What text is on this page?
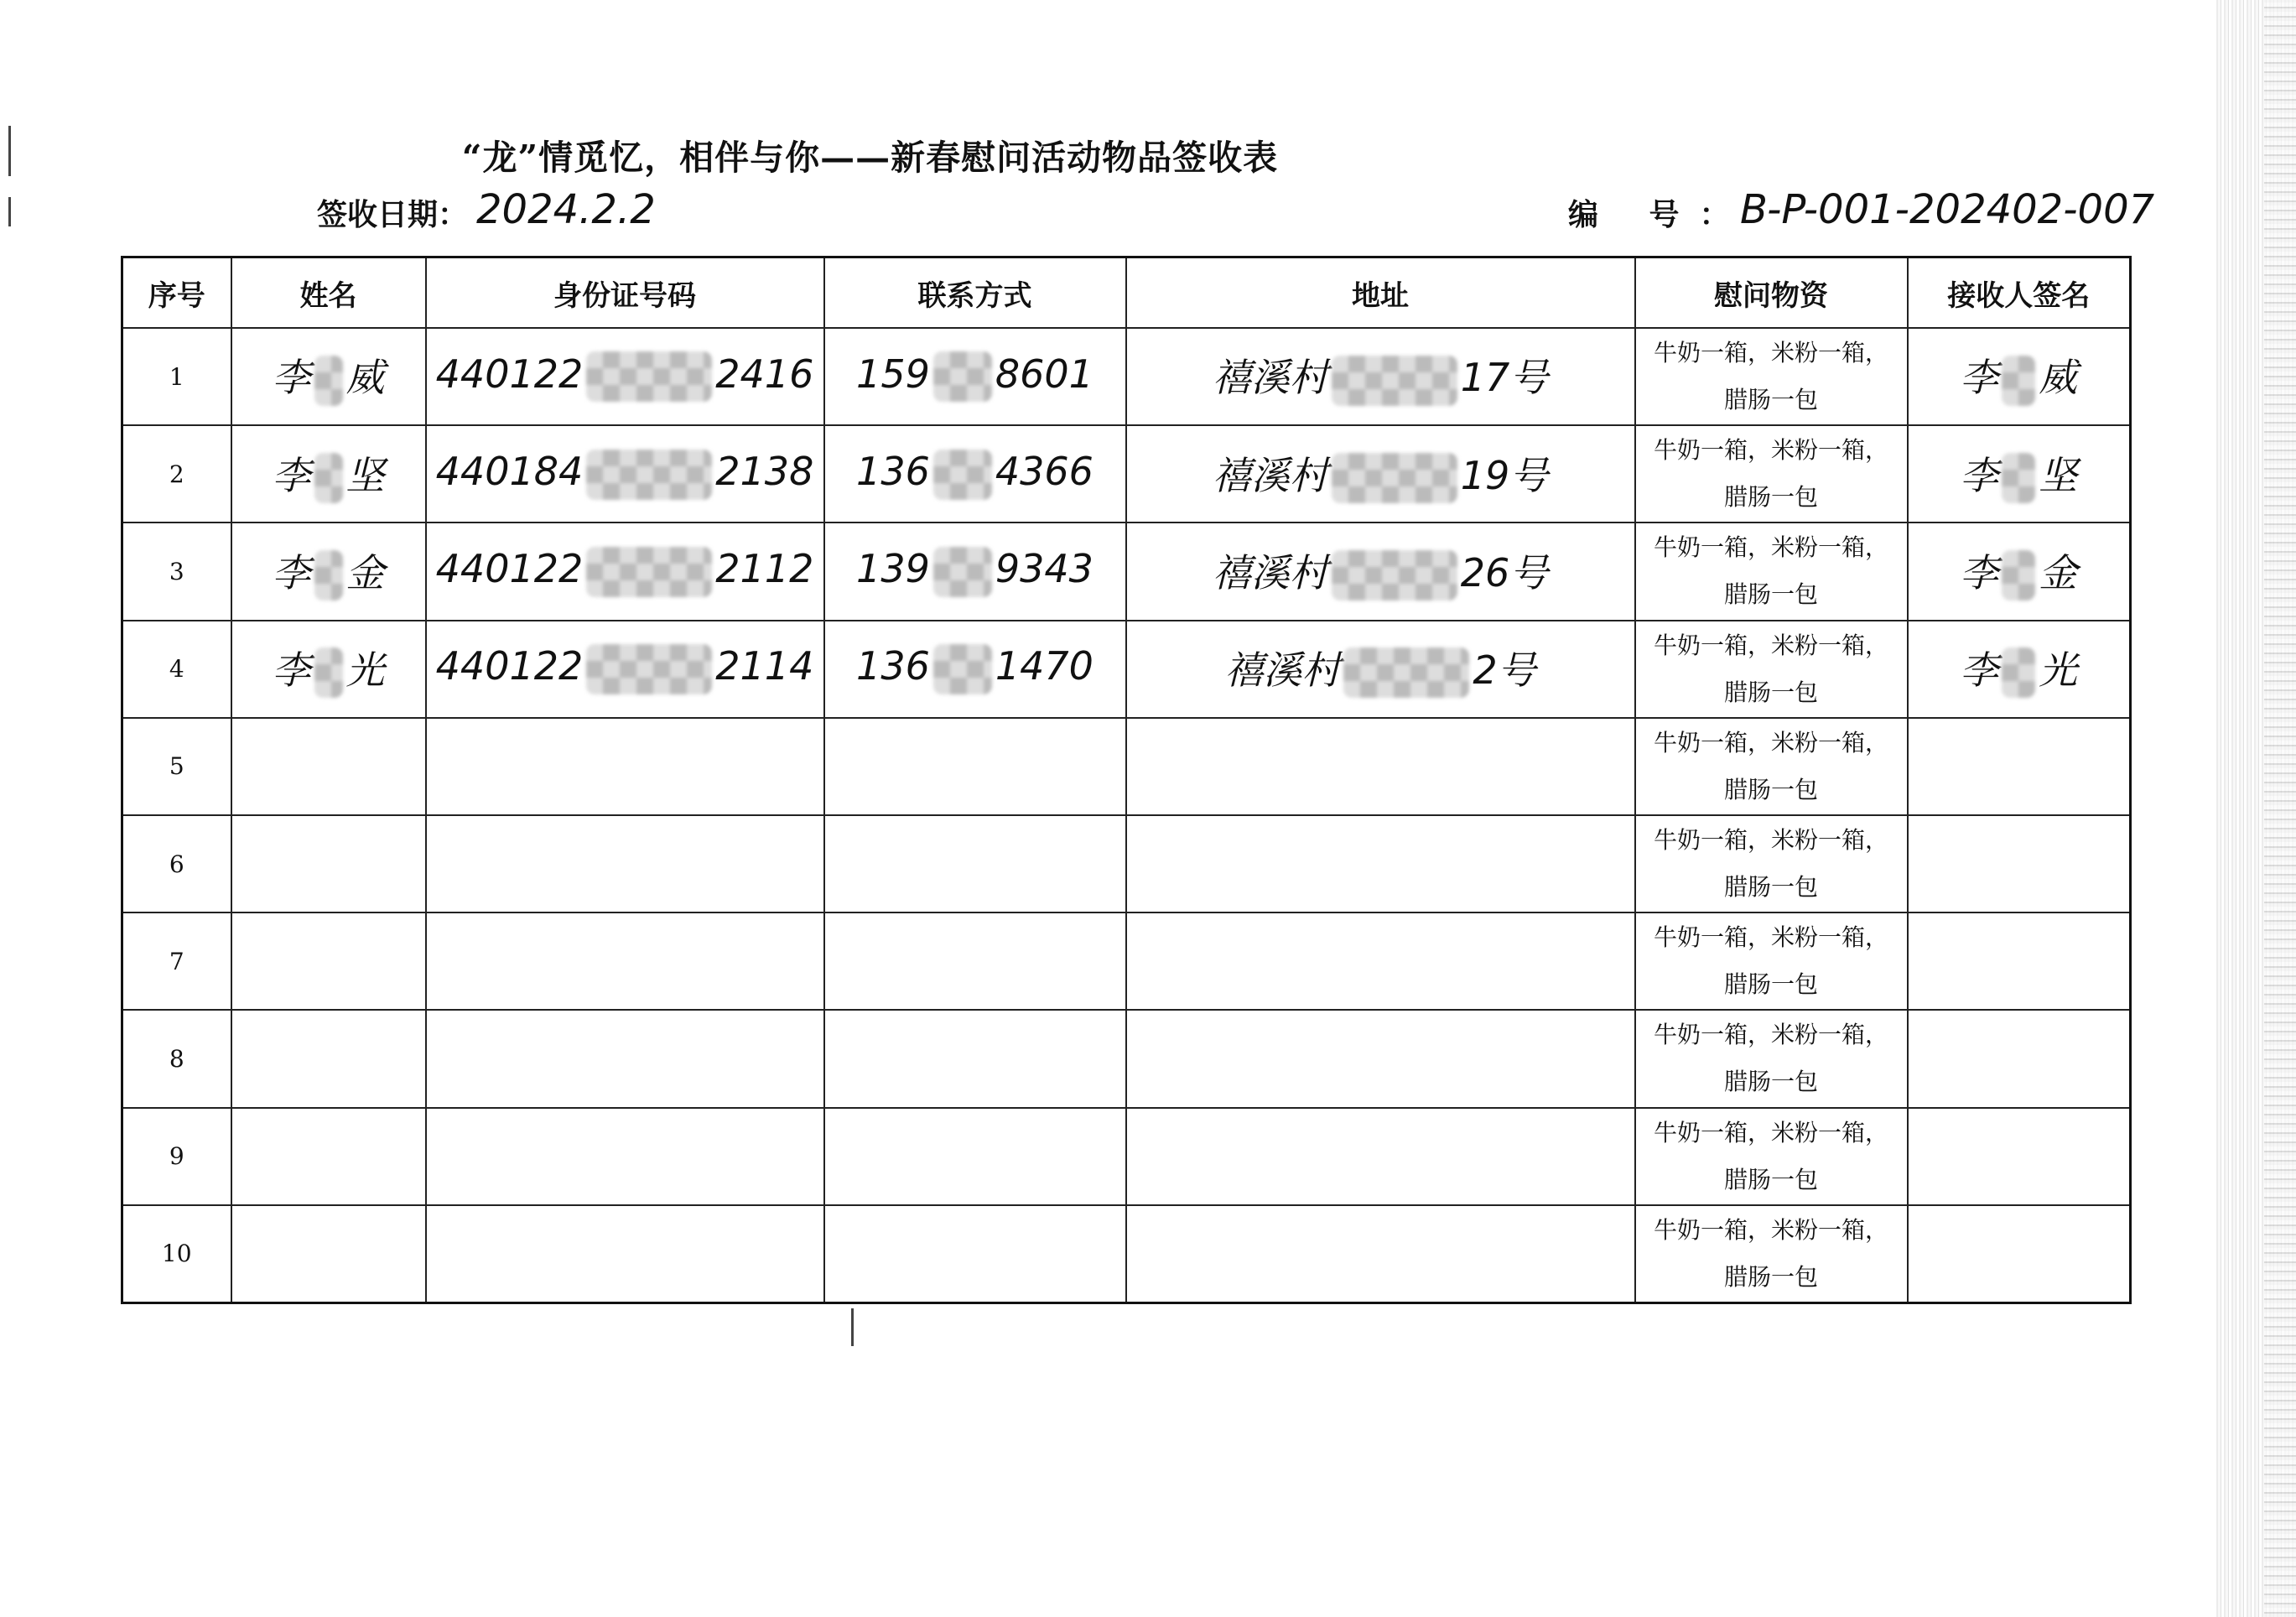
“龙”情觅忆，相伴与你——新春慰问活动物品签收表
签收日期： 2024.2.2	编 号：
B-P-001-202402-007
序号	姓名	身份证号码	联系方式	地址	慰问物资	接收人签名
1	李 威	440122 2416	159 8601	禧溪村 17号	牛奶一箱，米粉一箱，
腊肠一包	李 威
2	李 坚	440184 2138	136 4366	禧溪村 19号	牛奶一箱，米粉一箱，
腊肠一包	李 坚
3	李 金	440122 2112	139 9343	禧溪村 26号	牛奶一箱，米粉一箱，
腊肠一包	李 金
4	李 光	440122 2114	136 1470	禧溪村 2号	牛奶一箱，米粉一箱，
腊肠一包	李 光
5					牛奶一箱，米粉一箱，
腊肠一包	
6					牛奶一箱，米粉一箱，
腊肠一包	
7					牛奶一箱，米粉一箱，
腊肠一包	
8					牛奶一箱，米粉一箱，
腊肠一包	
9					牛奶一箱，米粉一箱，
腊肠一包	
10					牛奶一箱，米粉一箱，
腊肠一包	
